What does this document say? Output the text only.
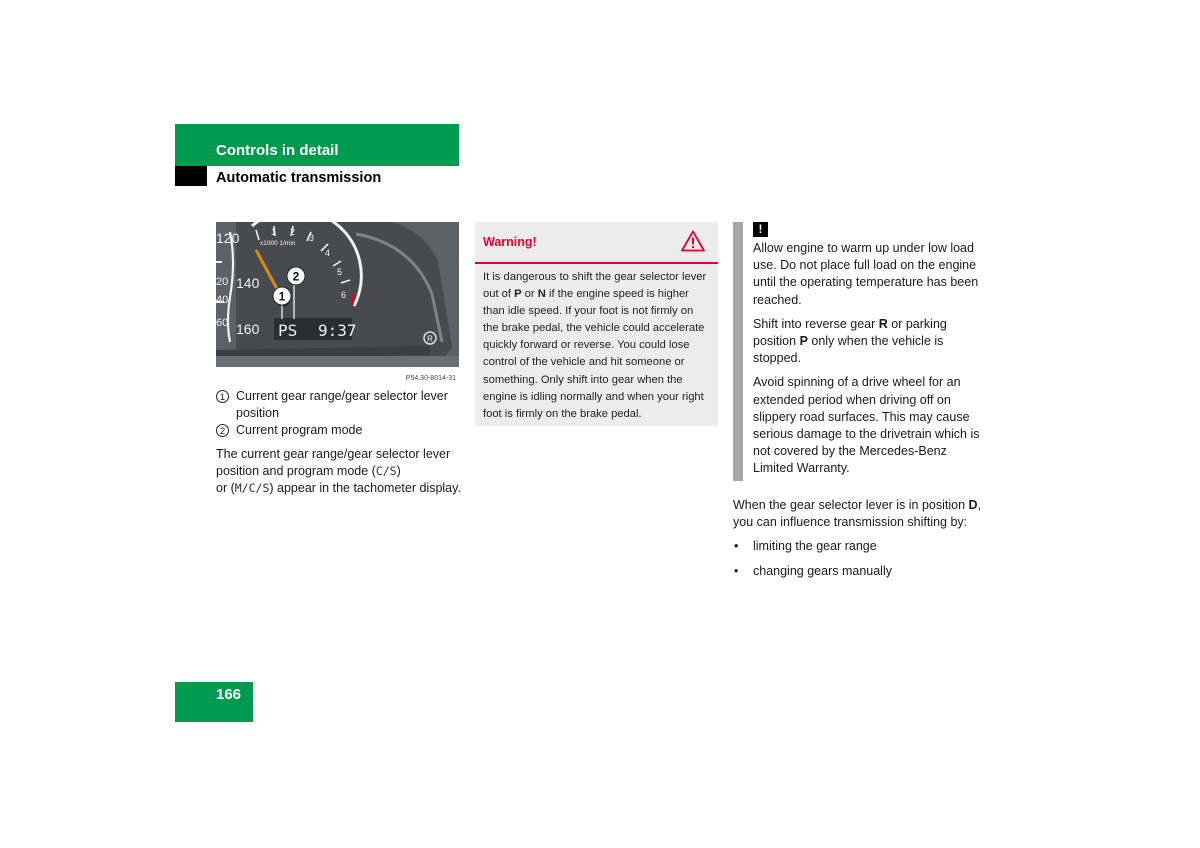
Controls in detail
Automatic transmission
120
140
160
20
40
60
x1000 1/min
1 2
3
4
5
6
PS 9:37
1
2
R
P54.30-8014-31
1 Current gear range/gear selector lever position
2 Current program mode
The current gear range/gear selector lever position and program mode (C/S)
or (M/C/S) appear in the tachometer display.
Warning!
It is dangerous to shift the gear selector lever out of P or N if the engine speed is higher than idle speed. If your foot is not firmly on the brake pedal, the vehicle could accelerate quickly forward or reverse. You could lose control of the vehicle and hit someone or something. Only shift into gear when the engine is idling normally and when your right foot is firmly on the brake pedal.
!

Allow engine to warm up under low load use. Do not place full load on the engine until the operating temperature has been reached.

Shift into reverse gear R or parking position P only when the vehicle is stopped.

Avoid spinning of a drive wheel for an extended period when driving off on slippery road surfaces. This may cause serious damage to the drivetrain which is not covered by the Mercedes-Benz Limited Warranty.

When the gear selector lever is in position D, you can influence transmission shifting by:

• limiting the gear range
• changing gears manually
166
